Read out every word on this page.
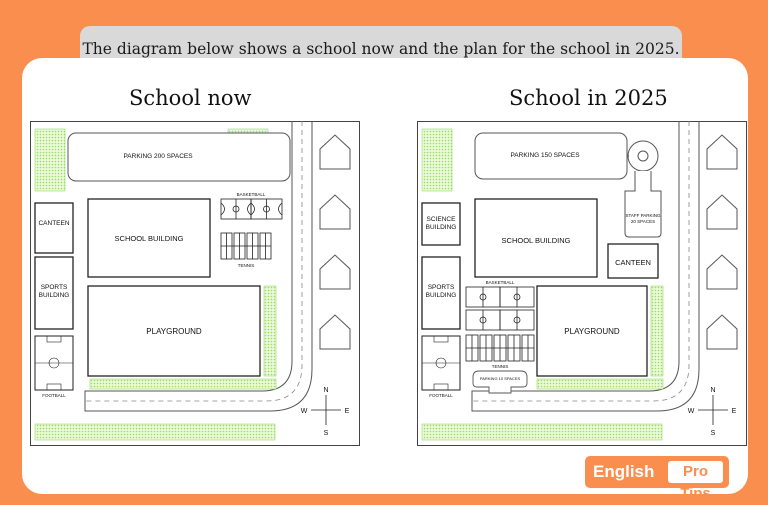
The diagram below shows a school now and the plan for the school in 2025.
School now	School in 2025
PARKING 200 SPACES
SCHOOL BUILDING
PLAYGROUND
CANTEEN
SPORTS
BUILDING
FOOTBALL
BASKETBALL
TENNIS
N
S
E
W
PARKING 150 SPACES
STAFF PARKING
20 SPACES
SCHOOL BUILDING
CANTEEN
PLAYGROUND
SCIENCE
BUILDING
SPORTS
BUILDING
FOOTBALL
BASKETBALL
TENNIS
PARKING 10 SPACES
N
S
E
W
English	Pro Tips
